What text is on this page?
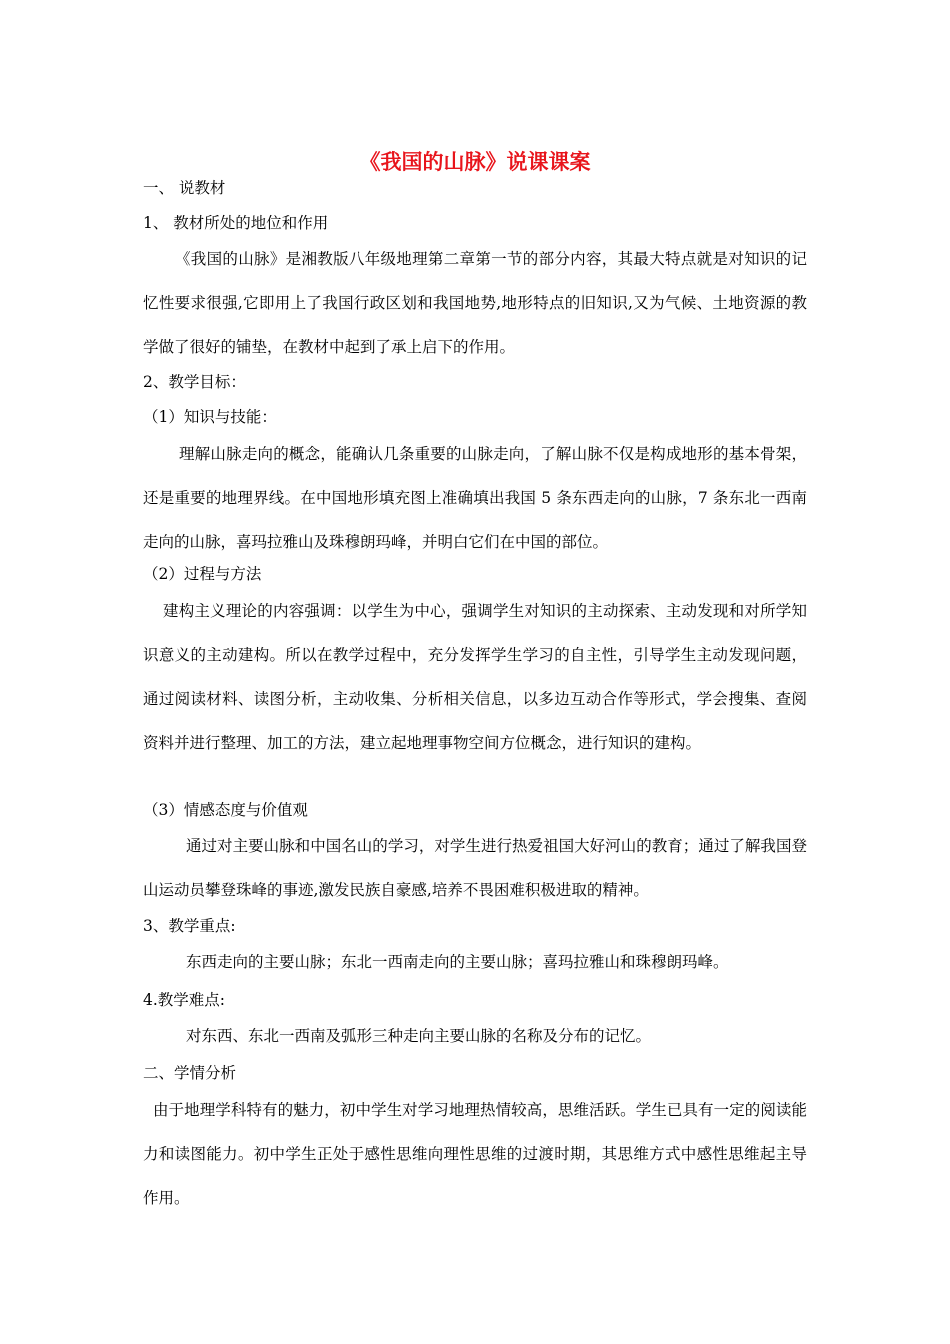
《我国的山脉》说课课案
一、 说教材
1、 教材所处的地位和作用
《我国的山脉》是湘教版八年级地理第二章第一节的部分内容，其最大特点就是对知识的记忆性要求很强,它即用上了我国行政区划和我国地势,地形特点的旧知识,又为气候、土地资源的教学做了很好的铺垫，在教材中起到了承上启下的作用。
2、教学目标：
（1）知识与技能：
理解山脉走向的概念，能确认几条重要的山脉走向，了解山脉不仅是构成地形的基本骨架，还是重要的地理界线。在中国地形填充图上准确填出我国 5 条东西走向的山脉，7 条东北一西南走向的山脉，喜玛拉雅山及珠穆朗玛峰，并明白它们在中国的部位。
（2）过程与方法
建构主义理论的内容强调：以学生为中心，强调学生对知识的主动探索、主动发现和对所学知识意义的主动建构。所以在教学过程中，充分发挥学生学习的自主性，引导学生主动发现问题，通过阅读材料、读图分析，主动收集、分析相关信息，以多边互动合作等形式，学会搜集、查阅资料并进行整理、加工的方法，建立起地理事物空间方位概念，进行知识的建构。
（3）情感态度与价值观
通过对主要山脉和中国名山的学习，对学生进行热爱祖国大好河山的教育；通过了解我国登山运动员攀登珠峰的事迹,激发民族自豪感,培养不畏困难积极进取的精神。
3、教学重点:
东西走向的主要山脉；东北一西南走向的主要山脉；喜玛拉雅山和珠穆朗玛峰。
4.教学难点:
对东西、东北一西南及弧形三种走向主要山脉的名称及分布的记忆。
二、学情分析
由于地理学科特有的魅力，初中学生对学习地理热情较高，思维活跃。学生已具有一定的阅读能力和读图能力。初中学生正处于感性思维向理性思维的过渡时期，其思维方式中感性思维起主导作用。
